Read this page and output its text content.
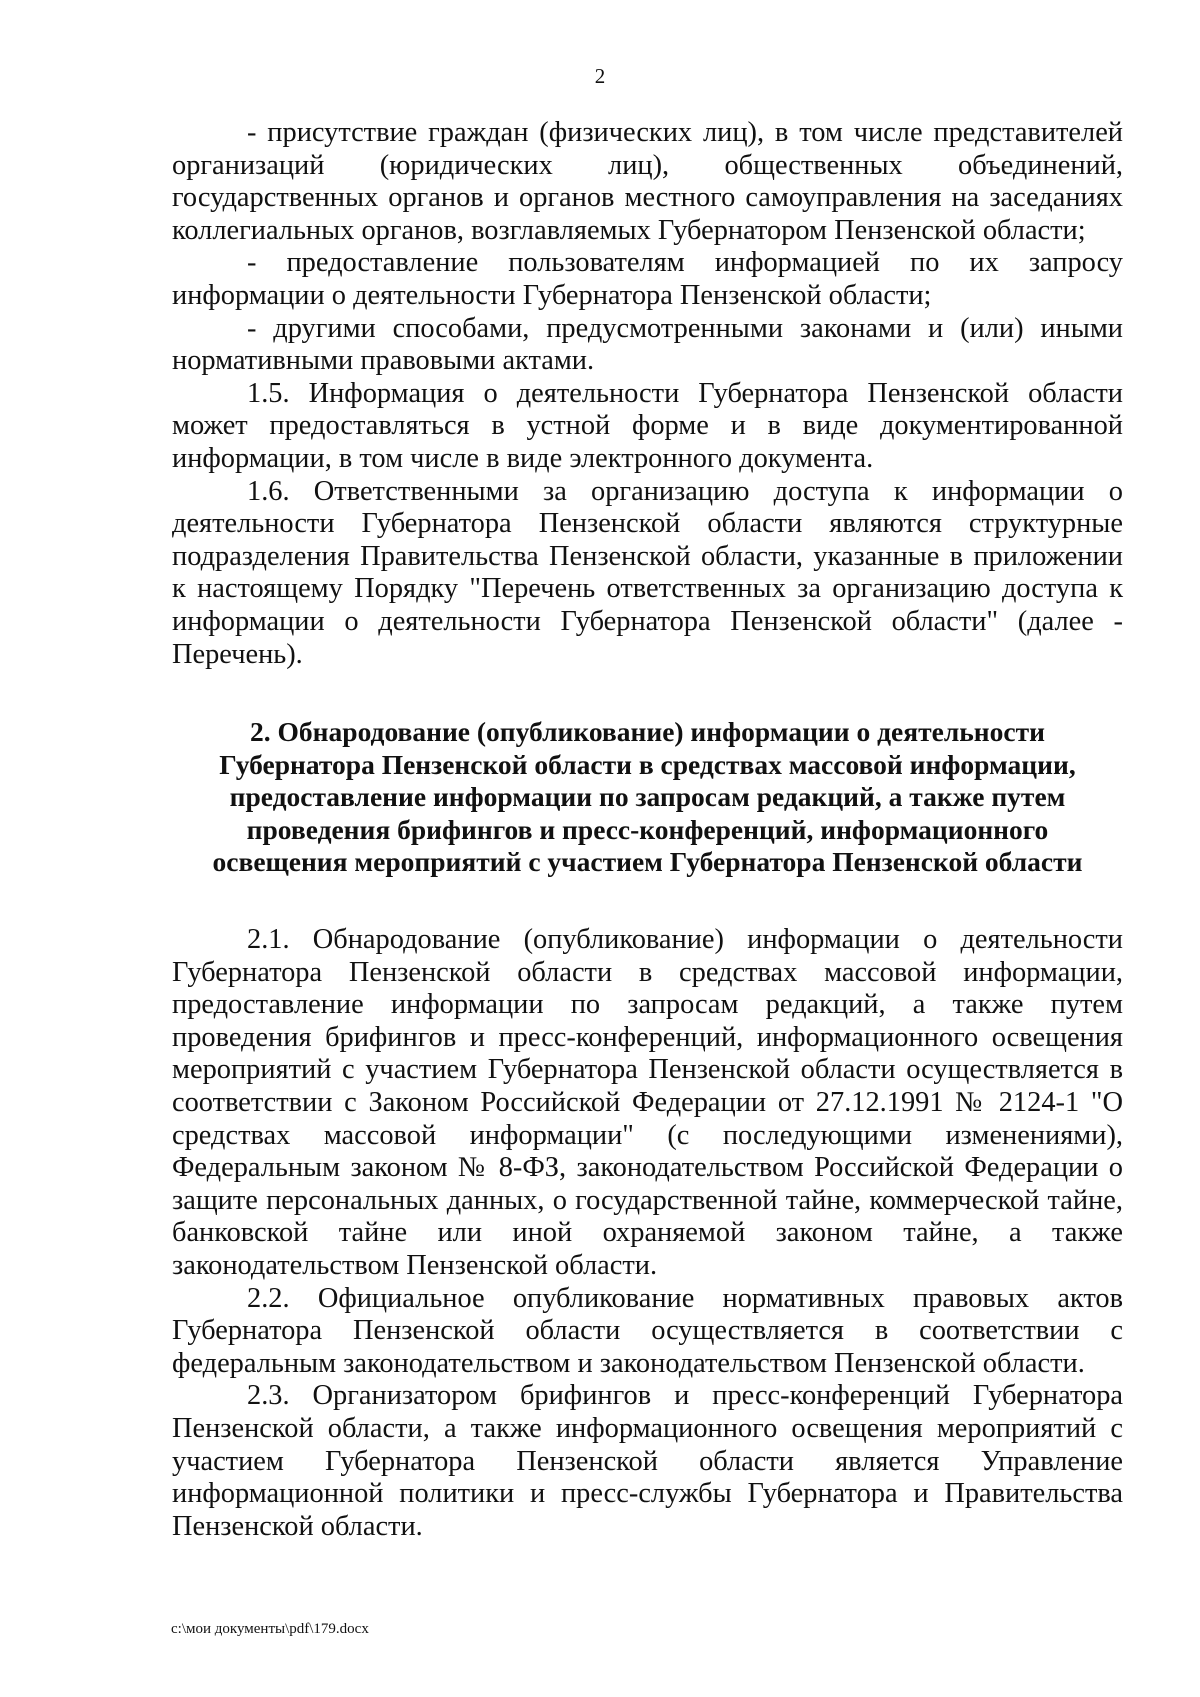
2

- присутствие граждан (физических лиц), в том числе представителей организаций (юридических лиц), общественных объединений, государственных органов и органов местного самоуправления на заседаниях коллегиальных органов, возглавляемых Губернатором Пензенской области;

- предоставление пользователям информацией по их запросу информации о деятельности Губернатора Пензенской области;

- другими способами, предусмотренными законами и (или) иными нормативными правовыми актами.

1.5. Информация о деятельности Губернатора Пензенской области может предоставляться в устной форме и в виде документированной информации, в том числе в виде электронного документа.

1.6. Ответственными за организацию доступа к информации о деятельности Губернатора Пензенской области являются структурные подразделения Правительства Пензенской области, указанные в приложении к настоящему Порядку "Перечень ответственных за организацию доступа к информации о деятельности Губернатора Пензенской области" (далее - Перечень).

2. Обнародование (опубликование) информации о деятельности Губернатора Пензенской области в средствах массовой информации, предоставление информации по запросам редакций, а также путем проведения брифингов и пресс-конференций, информационного освещения мероприятий с участием Губернатора Пензенской области

2.1. Обнародование (опубликование) информации о деятельности Губернатора Пензенской области в средствах массовой информации, предоставление информации по запросам редакций, а также путем проведения брифингов и пресс-конференций, информационного освещения мероприятий с участием Губернатора Пензенской области осуществляется в соответствии с Законом Российской Федерации от 27.12.1991 № 2124-1 "О средствах массовой информации" (с последующими изменениями), Федеральным законом № 8-ФЗ, законодательством Российской Федерации о защите персональных данных, о государственной тайне, коммерческой тайне, банковской тайне или иной охраняемой законом тайне, а также законодательством Пензенской области.

2.2. Официальное опубликование нормативных правовых актов Губернатора Пензенской области осуществляется в соответствии с федеральным законодательством и законодательством Пензенской области.

2.3. Организатором брифингов и пресс-конференций Губернатора Пензенской области, а также информационного освещения мероприятий с участием Губернатора Пензенской области является Управление информационной политики и пресс-службы Губернатора и Правительства Пензенской области.

c:\мои документы\pdf\179.docx
